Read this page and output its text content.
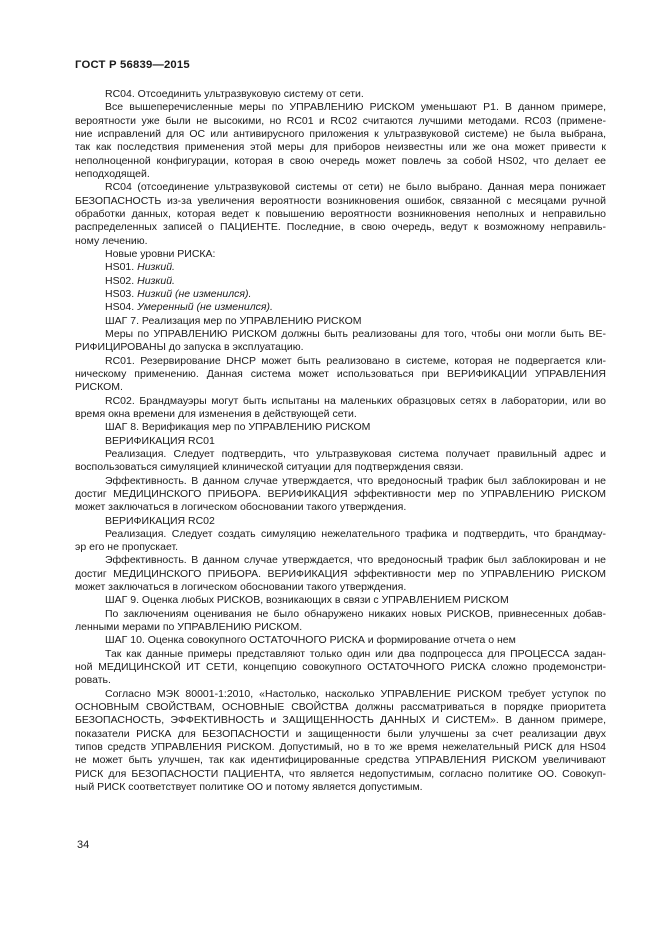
ГОСТ Р 56839—2015
RC04. Отсоединить ультразвуковую систему от сети.
Все вышеперечисленные меры по УПРАВЛЕНИЮ РИСКОМ уменьшают P1. В данном примере,
вероятности уже были не высокими, но RC01 и RC02 считаются лучшими методами. RC03 (примене-
ние исправлений для ОС или антивирусного приложения к ультразвуковой системе) не была выбрана,
так как последствия применения этой меры для приборов неизвестны или же она может привести к
неполноценной конфигурации, которая в свою очередь может повлечь за собой HS02, что делает ее
неподходящей.
RC04 (отсоединение ультразвуковой системы от сети) не было выбрано. Данная мера понижает
БЕЗОПАСНОСТЬ из-за увеличения вероятности возникновения ошибок, связанной с месяцами ручной
обработки данных, которая ведет к повышению вероятности возникновения неполных и неправильно
распределенных записей о ПАЦИЕНТЕ. Последние, в свою очередь, ведут к возможному неправиль-
ному лечению.
Новые уровни РИСКА:
HS01. Низкий.
HS02. Низкий.
HS03. Низкий (не изменился).
HS04. Умеренный (не изменился).
ШАГ 7. Реализация мер по УПРАВЛЕНИЮ РИСКОМ
Меры по УПРАВЛЕНИЮ РИСКОМ должны быть реализованы для того, чтобы они могли быть ВЕ-
РИФИЦИРОВАНЫ до запуска в эксплуатацию.
RC01. Резервирование DHCP может быть реализовано в системе, которая не подвергается кли-
ническому применению. Данная система может использоваться при ВЕРИФИКАЦИИ УПРАВЛЕНИЯ
РИСКОМ.
RC02. Брандмауэры могут быть испытаны на маленьких образцовых сетях в лаборатории, или во
время окна времени для изменения в действующей сети.
ШАГ 8. Верификация мер по УПРАВЛЕНИЮ РИСКОМ
ВЕРИФИКАЦИЯ RC01
Реализация. Следует подтвердить, что ультразвуковая система получает правильный адрес и
воспользоваться симуляцией клинической ситуации для подтверждения связи.
Эффективность. В данном случае утверждается, что вредоносный трафик был заблокирован и не
достиг МЕДИЦИНСКОГО ПРИБОРА. ВЕРИФИКАЦИЯ эффективности мер по УПРАВЛЕНИЮ РИСКОМ
может заключаться в логическом обосновании такого утверждения.
ВЕРИФИКАЦИЯ RC02
Реализация. Следует создать симуляцию нежелательного трафика и подтвердить, что брандмау-
эр его не пропускает.
Эффективность. В данном случае утверждается, что вредоносный трафик был заблокирован и не
достиг МЕДИЦИНСКОГО ПРИБОРА. ВЕРИФИКАЦИЯ эффективности мер по УПРАВЛЕНИЮ РИСКОМ
может заключаться в логическом обосновании такого утверждения.
ШАГ 9. Оценка любых РИСКОВ, возникающих в связи с УПРАВЛЕНИЕМ РИСКОМ
По заключениям оценивания не было обнаружено никаких новых РИСКОВ, привнесенных добав-
ленными мерами по УПРАВЛЕНИЮ РИСКОМ.
ШАГ 10. Оценка совокупного ОСТАТОЧНОГО РИСКА и формирование отчета о нем
Так как данные примеры представляют только один или два подпроцесса для ПРОЦЕССА задан-
ной МЕДИЦИНСКОЙ ИТ СЕТИ, концепцию совокупного ОСТАТОЧНОГО РИСКА сложно продемонстри-
ровать.
Согласно МЭК 80001-1:2010, «Настолько, насколько УПРАВЛЕНИЕ РИСКОМ требует уступок по
ОСНОВНЫМ СВОЙСТВАМ, ОСНОВНЫЕ СВОЙСТВА должны рассматриваться в порядке приоритета
БЕЗОПАСНОСТЬ, ЭФФЕКТИВНОСТЬ и ЗАЩИЩЕННОСТЬ ДАННЫХ И СИСТЕМ». В данном примере,
показатели РИСКА для БЕЗОПАСНОСТИ и защищенности были улучшены за счет реализации двух
типов средств УПРАВЛЕНИЯ РИСКОМ. Допустимый, но в то же время нежелательный РИСК для HS04
не может быть улучшен, так как идентифицированные средства УПРАВЛЕНИЯ РИСКОМ увеличивают
РИСК для БЕЗОПАСНОСТИ ПАЦИЕНТА, что является недопустимым, согласно политике ОО. Совокуп-
ный РИСК соответствует политике ОО и потому является допустимым.
34
